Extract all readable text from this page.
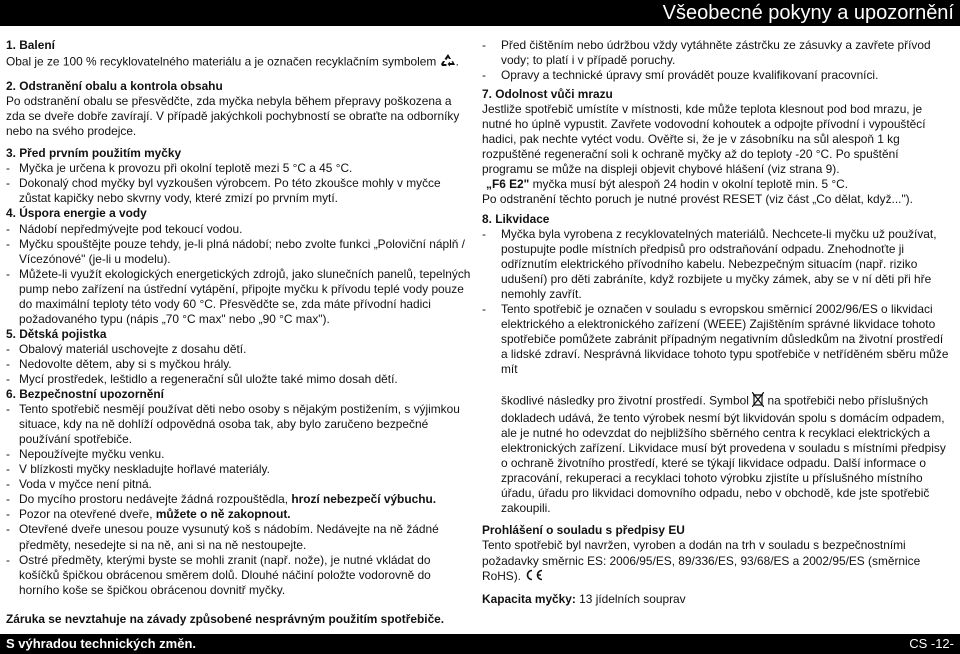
Všeobecné pokyny a upozornění
1. Balení
Obal je ze 100 % recyklovatelného materiálu a je označen recyklačním symbolem .
2. Odstranění obalu a kontrola obsahu
Po odstranění obalu se přesvědčte, zda myčka nebyla během přepravy poškozena a zda se dveře dobře zavírají. V případě jakýchkoli pochybností se obraťte na odborníky nebo na svého prodejce.
3. Před prvním použitím myčky
- Myčka je určena k provozu při okolní teplotě mezi 5 °C a 45 °C.
- Dokonalý chod myčky byl vyzkoušen výrobcem. Po této zkoušce mohly v myčce zůstat kapičky nebo skvrny vody, které zmizí po prvním mytí.
4. Úspora energie a vody
- Nádobí nepředmývejte pod tekoucí vodou.
- Myčku spouštějte pouze tehdy, je-li plná nádobí; nebo zvolte funkci „Poloviční náplň / Vícezónové" (je-li u modelu).
- Můžete-li využít ekologických energetických zdrojů, jako slunečních panelů, tepelných pump nebo zařízení na ústřední vytápění, připojte myčku k přívodu teplé vody pouze do maximální teploty této vody 60 °C. Přesvědčte se, zda máte přívodní hadici požadovaného typu (nápis „70 °C max" nebo „90 °C max").
5. Dětská pojistka
- Obalový materiál uschovejte z dosahu dětí.
- Nedovolte dětem, aby si s myčkou hrály.
- Mycí prostředek, leštidlo a regenerační sůl uložte také mimo dosah dětí.
6. Bezpečnostní upozornění
- Tento spotřebič nesmějí používat děti nebo osoby s nějakým postižením, s výjimkou situace, kdy na ně dohlíží odpovědná osoba tak, aby bylo zaručeno bezpečné používání spotřebiče.
- Nepoužívejte myčku venku.
- V blízkosti myčky neskladujte hořlavé materiály.
- Voda v myčce není pitná.
- Do mycího prostoru nedávejte žádná rozpouštědla, hrozí nebezpečí výbuchu.
- Pozor na otevřené dveře, můžete o ně zakopnout.
- Otevřené dveře unesou pouze vysunutý koš s nádobím. Nedávejte na ně žádné předměty, nesedejte si na ně, ani si na ně nestoupejte.
- Ostré předměty, kterými byste se mohli zranit (např. nože), je nutné vkládat do košíčků špičkou obrácenou směrem dolů. Dlouhé náčiní položte vodorovně do horního koše se špičkou obrácenou dovnitř myčky.
- Před čištěním nebo údržbou vždy vytáhněte zástrčku ze zásuvky a zavřete přívod vody; to platí i v případě poruchy.
- Opravy a technické úpravy smí provádět pouze kvalifikovaní pracovníci.
7. Odolnost vůči mrazu
Jestliže spotřebič umístíte v místnosti, kde může teplota klesnout pod bod mrazu, je nutné ho úplně vypustit. Zavřete vodovodní kohoutek a odpojte přívodní i vypouštěcí hadici, pak nechte vytéct vodu. Ověřte si, že je v zásobníku na sůl alespoň 1 kg rozpuštěné regenerační soli k ochraně myčky až do teploty -20 °C. Po spuštění programu se může na displeji objevit chybové hlášení (viz strana 9).
„F6 E2" myčka musí být alespoň 24 hodin v okolní teplotě min. 5 °C.
Po odstranění těchto poruch je nutné provést RESET (viz část „Co dělat, když...").
8. Likvidace
- Myčka byla vyrobena z recyklovatelných materiálů. Nechcete-li myčku už používat, postupujte podle místních předpisů pro odstraňování odpadu. Znehodnoťte ji odříznutím elektrického přívodního kabelu. Nebezpečným situacím (např. riziko udušení) pro děti zabráníte, když rozbijete u myčky zámek, aby se v ní děti při hře nemohly zavřít.
- Tento spotřebič je označen v souladu s evropskou směrnicí 2002/96/ES o likvidaci elektrického a elektronického zařízení (WEEE) Zajištěním správné likvidace tohoto spotřebiče pomůžete zabránit případným negativním důsledkům na životní prostředí a lidské zdraví. Nesprávná likvidace tohoto typu spotřebiče v netříděném sběru může mít
škodlivé následky pro životní prostředí. Symbol  na spotřebiči nebo příslušných dokladech udává, že tento výrobek nesmí být likvidován spolu s domácím odpadem, ale je nutné ho odevzdat do nejbližšího sběrného centra k recyklaci elektrických a elektronických zařízení. Likvidace musí být provedena v souladu s místními předpisy o ochraně životního prostředí, které se týkají likvidace odpadu. Další informace o zpracování, rekuperaci a recyklaci tohoto výrobku zjistíte u příslušného místního úřadu, úřadu pro likvidaci domovního odpadu, nebo v obchodě, kde jste spotřebič zakoupili.
Prohlášení o souladu s předpisy EU
Tento spotřebič byl navržen, vyroben a dodán na trh v souladu s bezpečnostními požadavky směrnic ES: 2006/95/ES, 89/336/ES, 93/68/ES a 2002/95/ES (směrnice RoHS).
Kapacita myčky: 13 jídelních souprav
Záruka se nevztahuje na závady způsobené nesprávným použitím spotřebiče.
S výhradou technických změn.	CS -12-
